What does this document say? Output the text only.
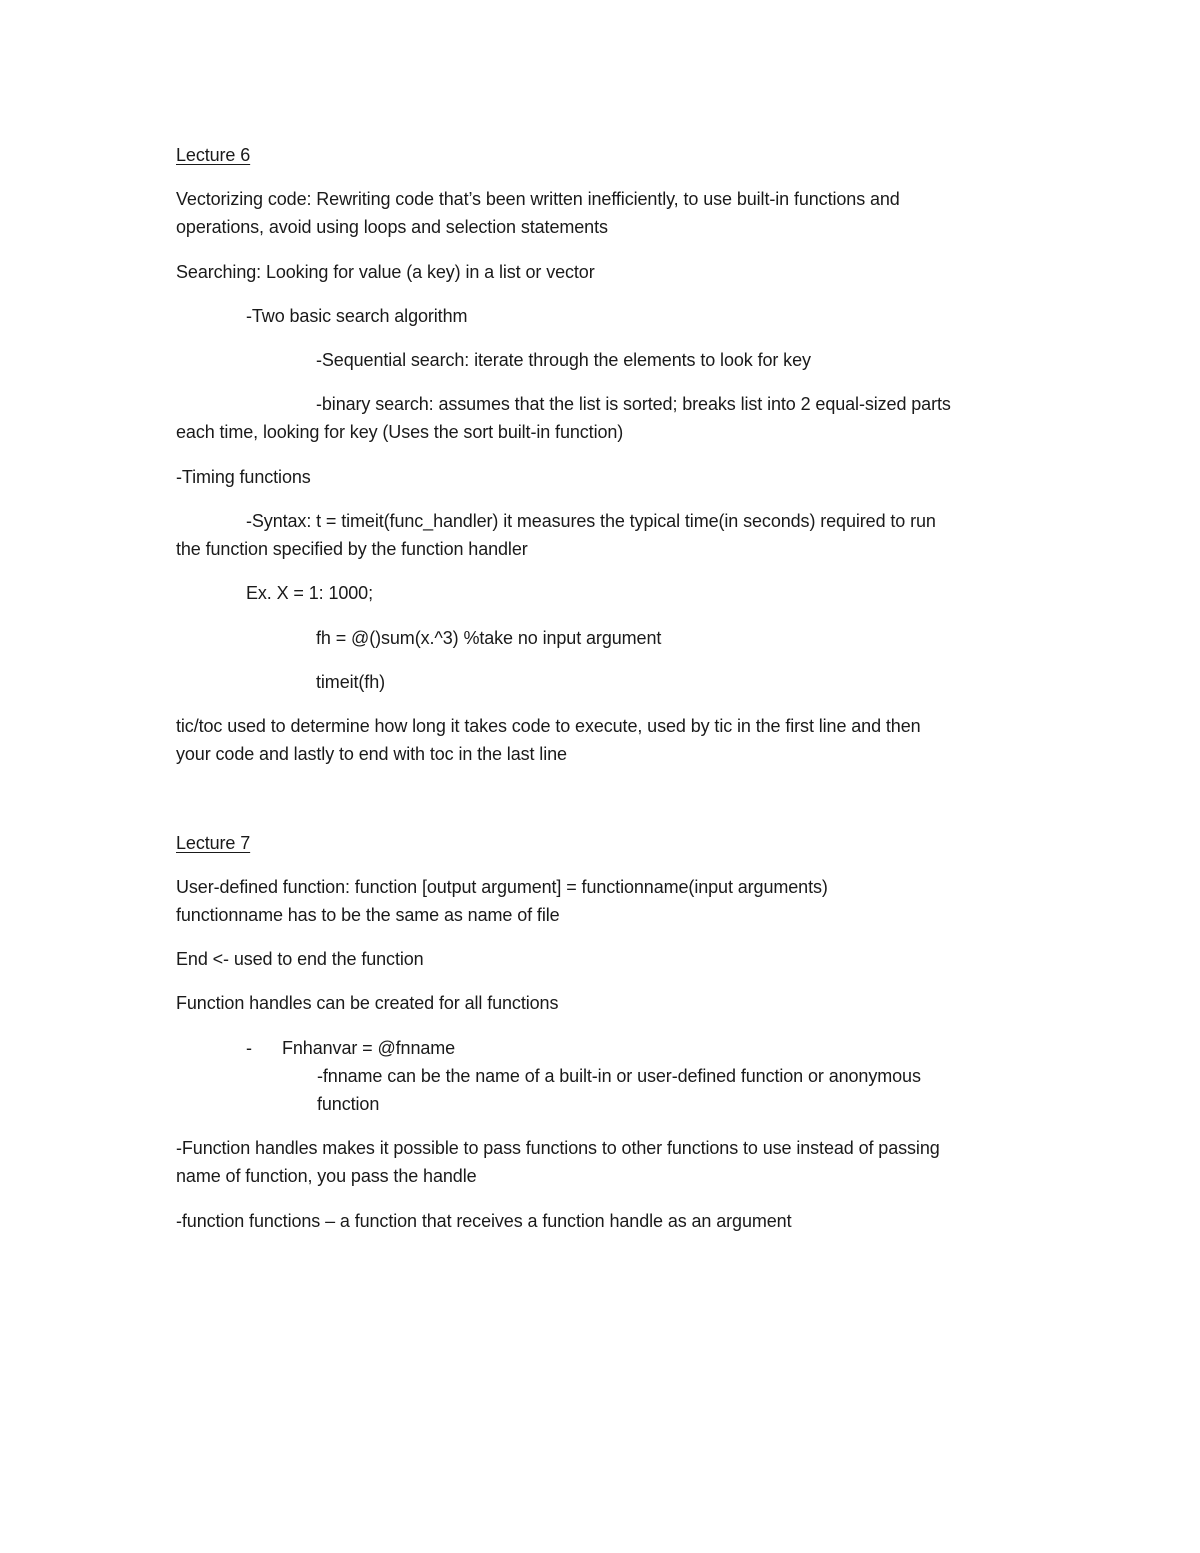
Lecture 6
Vectorizing code: Rewriting code that’s been written inefficiently, to use built-in functions and
operations, avoid using loops and selection statements
Searching: Looking for value (a key) in a list or vector
-Two basic search algorithm
-Sequential search: iterate through the elements to look for key
-binary search: assumes that the list is sorted; breaks list into 2 equal-sized parts
each time, looking for key (Uses the sort built-in function)
-Timing functions
-Syntax: t = timeit(func_handler) it measures the typical time(in seconds) required to run
the function specified by the function handler
Ex. X = 1: 1000;
fh = @()sum(x.^3) %take no input argument
timeit(fh)
tic/toc used to determine how long it takes code to execute, used by tic in the first line and then
your code and lastly to end with toc in the last line
Lecture 7
User-defined function: function [output argument] = functionname(input arguments)
functionname has to be the same as name of file
End <- used to end the function
Function handles can be created for all functions
- Fnhanvar = @fnname
-fnname can be the name of a built-in or user-defined function or anonymous
function
-Function handles makes it possible to pass functions to other functions to use instead of passing
name of function, you pass the handle
-function functions – a function that receives a function handle as an argument
